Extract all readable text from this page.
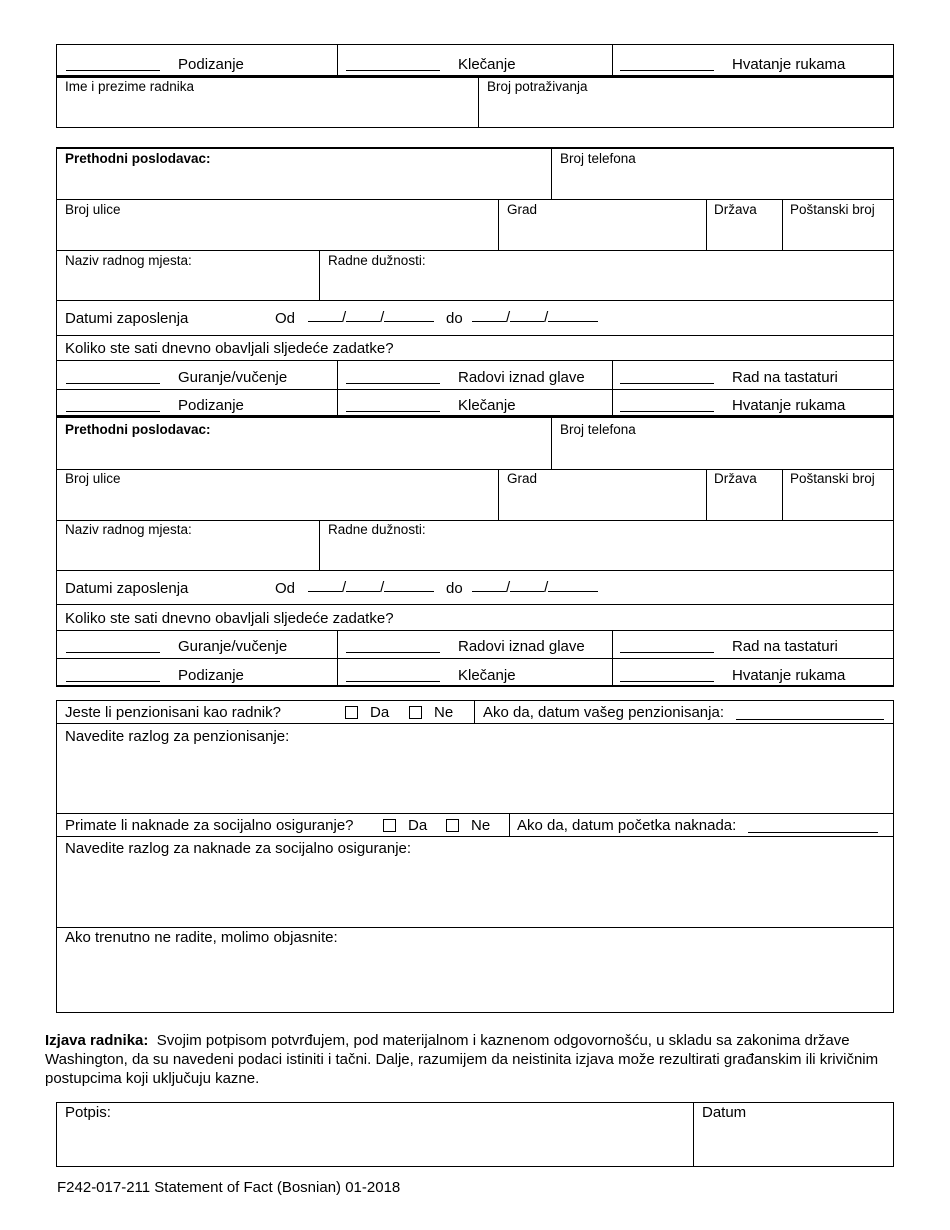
Podizanje	Klečanje	Hvatanje rukama
Ime i prezime radnika	Broj potraživanja
Prethodni poslodavac:	Broj telefona
Broj ulice	Grad	Država Poštanski broj
Naziv radnog mjesta:	Radne dužnosti:
Datumi zaposlenja	Od	/ /	do	/ /
Koliko ste sati dnevno obavljali sljedeće zadatke?
Guranje/vučenje	Radovi iznad glave	Rad na tastaturi
Podizanje	Klečanje	Hvatanje rukama
Prethodni poslodavac:	Broj telefona
Broj ulice	Grad	Država Poštanski broj
Naziv radnog mjesta:	Radne dužnosti:
Datumi zaposlenja	Od	/ /	do	/ /
Koliko ste sati dnevno obavljali sljedeće zadatke?
Guranje/vučenje	Radovi iznad glave	Rad na tastaturi
Podizanje	Klečanje	Hvatanje rukama
Jeste li penzionisani kao radnik?	Da	Ne Ako da, datum vašeg penzionisanja:
Navedite razlog za penzionisanje:
Primate li naknade za socijalno osiguranje?	Da	Ne Ako da, datum početka naknada:
Navedite razlog za naknade za socijalno osiguranje:
Ako trenutno ne radite, molimo objasnite:
Izjava radnika: Svojim potpisom potvrđujem, pod materijalnom i kaznenom odgovornošću, u skladu sa zakonima države Washington, da su navedeni podaci istiniti i tačni. Dalje, razumijem da neistinita izjava može rezultirati građanskim ili krivičnim postupcima koji uključuju kazne.
Potpis:	Datum
F242-017-211 Statement of Fact (Bosnian) 01-2018
